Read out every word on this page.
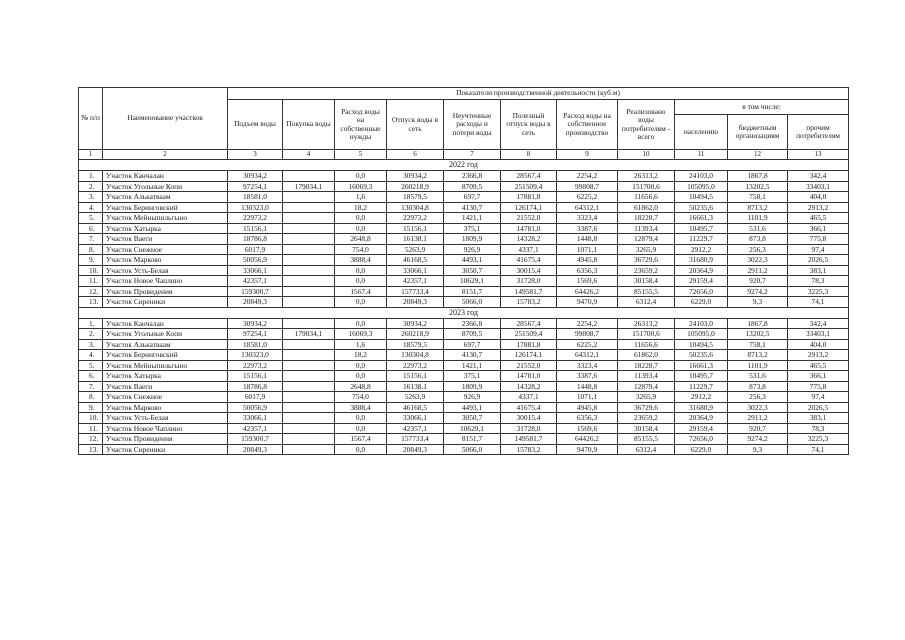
№ п/п	Наименование участков	Показатели производственной деятельности (куб.м)										
		Подъем воды	Покупка воды	Расход воды на собственные нужды	Отпуск воды в сеть	Неучтенные расходы и потери воды	Полезный отпуск воды в сеть	Расход воды на собственное производство	Реализовано воды потребителям - всего	в том числе:		
										населению	бюджетным организациям	прочим потребителям
1	2	3	4	5	6	7	8	9	10	11	12	13
2022 год												
1.	Участок Канчалан	30934,2		0,0	30934,2	2366,8	28567,4	2254,2	26313,2	24103,0	1867,8	342,4
2.	Участок Угольные Копи	97254,1	179034,1	16069,3	260218,9	8709,5	251509,4	99808,7	151700,6	105095,0	13202,5	33403,1
3.	Участок Алькатваам	18581,0		1,6	18579,5	697,7	17881,8	6225,2	11656,6	10494,5	758,1	404,0
4.	Участок Беринговский	130323,0		18,2	130304,8	4130,7	126174,1	64312,1	61862,0	50235,6	8713,2	2913,2
5.	Участок Мейныпильгыно	22973,2		0,0	22973,2	1421,1	21552,0	3323,4	18228,7	16661,3	1101,9	465,5
6.	Участок Хатырка	15156,1		0,0	15156,1	375,1	14781,0	3387,6	11393,4	10495,7	531,6	366,1
7.	Участок Ваеги	18786,8		2648,8	16138,1	1809,9	14328,2	1448,8	12879,4	11229,7	873,8	775,8
8.	Участок Снежное	6017,9		754,0	5263,9	926,9	4337,1	1071,1	3265,9	2912,2	256,3	97,4
9.	Участок Марково	50056,9		3888,4	46168,5	4493,1	41675,4	4945,8	36729,6	31680,9	3022,3	2026,5
10.	Участок Усть-Белая	33066,1		0,0	33066,1	3050,7	30015,4	6356,3	23659,2	20364,9	2911,2	383,1
11.	Участок Новое Чаплино	42357,1		0,0	42357,1	10629,1	31728,0	1569,6	30158,4	29159,4	920,7	78,3
12.	Участок Провидения	159300,7		1567,4	157733,4	8151,7	149581,7	64426,2	85155,5	72656,0	9274,2	3225,3
13.	Участок Сиреники	20849,3		0,0	20849,3	5066,0	15783,2	9470,9	6312,4	6229,0	9,3	74,1
2023 год												
1.	Участок Канчалан	30934,2		0,0	30934,2	2366,8	28567,4	2254,2	26313,2	24103,0	1867,8	342,4
2.	Участок Угольные Копи	97254,1	179034,1	16069,3	260218,9	8709,5	251509,4	99808,7	151700,6	105095,0	13202,5	33403,1
3.	Участок Алькатваам	18581,0		1,6	18579,5	697,7	17881,8	6225,2	11656,6	10494,5	758,1	404,0
4.	Участок Беринговский	130323,0		18,2	130304,8	4130,7	126174,1	64312,1	61862,0	50235,6	8713,2	2913,2
5.	Участок Мейныпильгыно	22973,2		0,0	22973,2	1421,1	21552,0	3323,4	18228,7	16661,3	1101,9	465,5
6.	Участок Хатырка	15156,1		0,0	15156,1	375,1	14781,0	3387,6	11393,4	10495,7	531,6	366,1
7.	Участок Ваеги	18786,8		2648,8	16138,1	1809,9	14328,2	1448,8	12879,4	11229,7	873,8	775,8
8.	Участок Снежное	6017,9		754,0	5263,9	926,9	4337,1	1071,1	3265,9	2912,2	256,3	97,4
9.	Участок Марково	50056,9		3888,4	46168,5	4493,1	41675,4	4945,8	36729,6	31680,9	3022,3	2026,5
10.	Участок Усть-Белая	33066,1		0,0	33066,1	3050,7	30015,4	6356,3	23659,2	20364,9	2911,2	383,1
11.	Участок Новое Чаплино	42357,1		0,0	42357,1	10629,1	31728,0	1569,6	30158,4	29159,4	920,7	78,3
12.	Участок Провидения	159300,7		1567,4	157733,4	8151,7	149581,7	64426,2	85155,5	72656,0	9274,2	3225,3
13.	Участок Сиреники	20849,3		0,0	20849,3	5066,0	15783,2	9470,9	6312,4	6229,0	9,3	74,1
